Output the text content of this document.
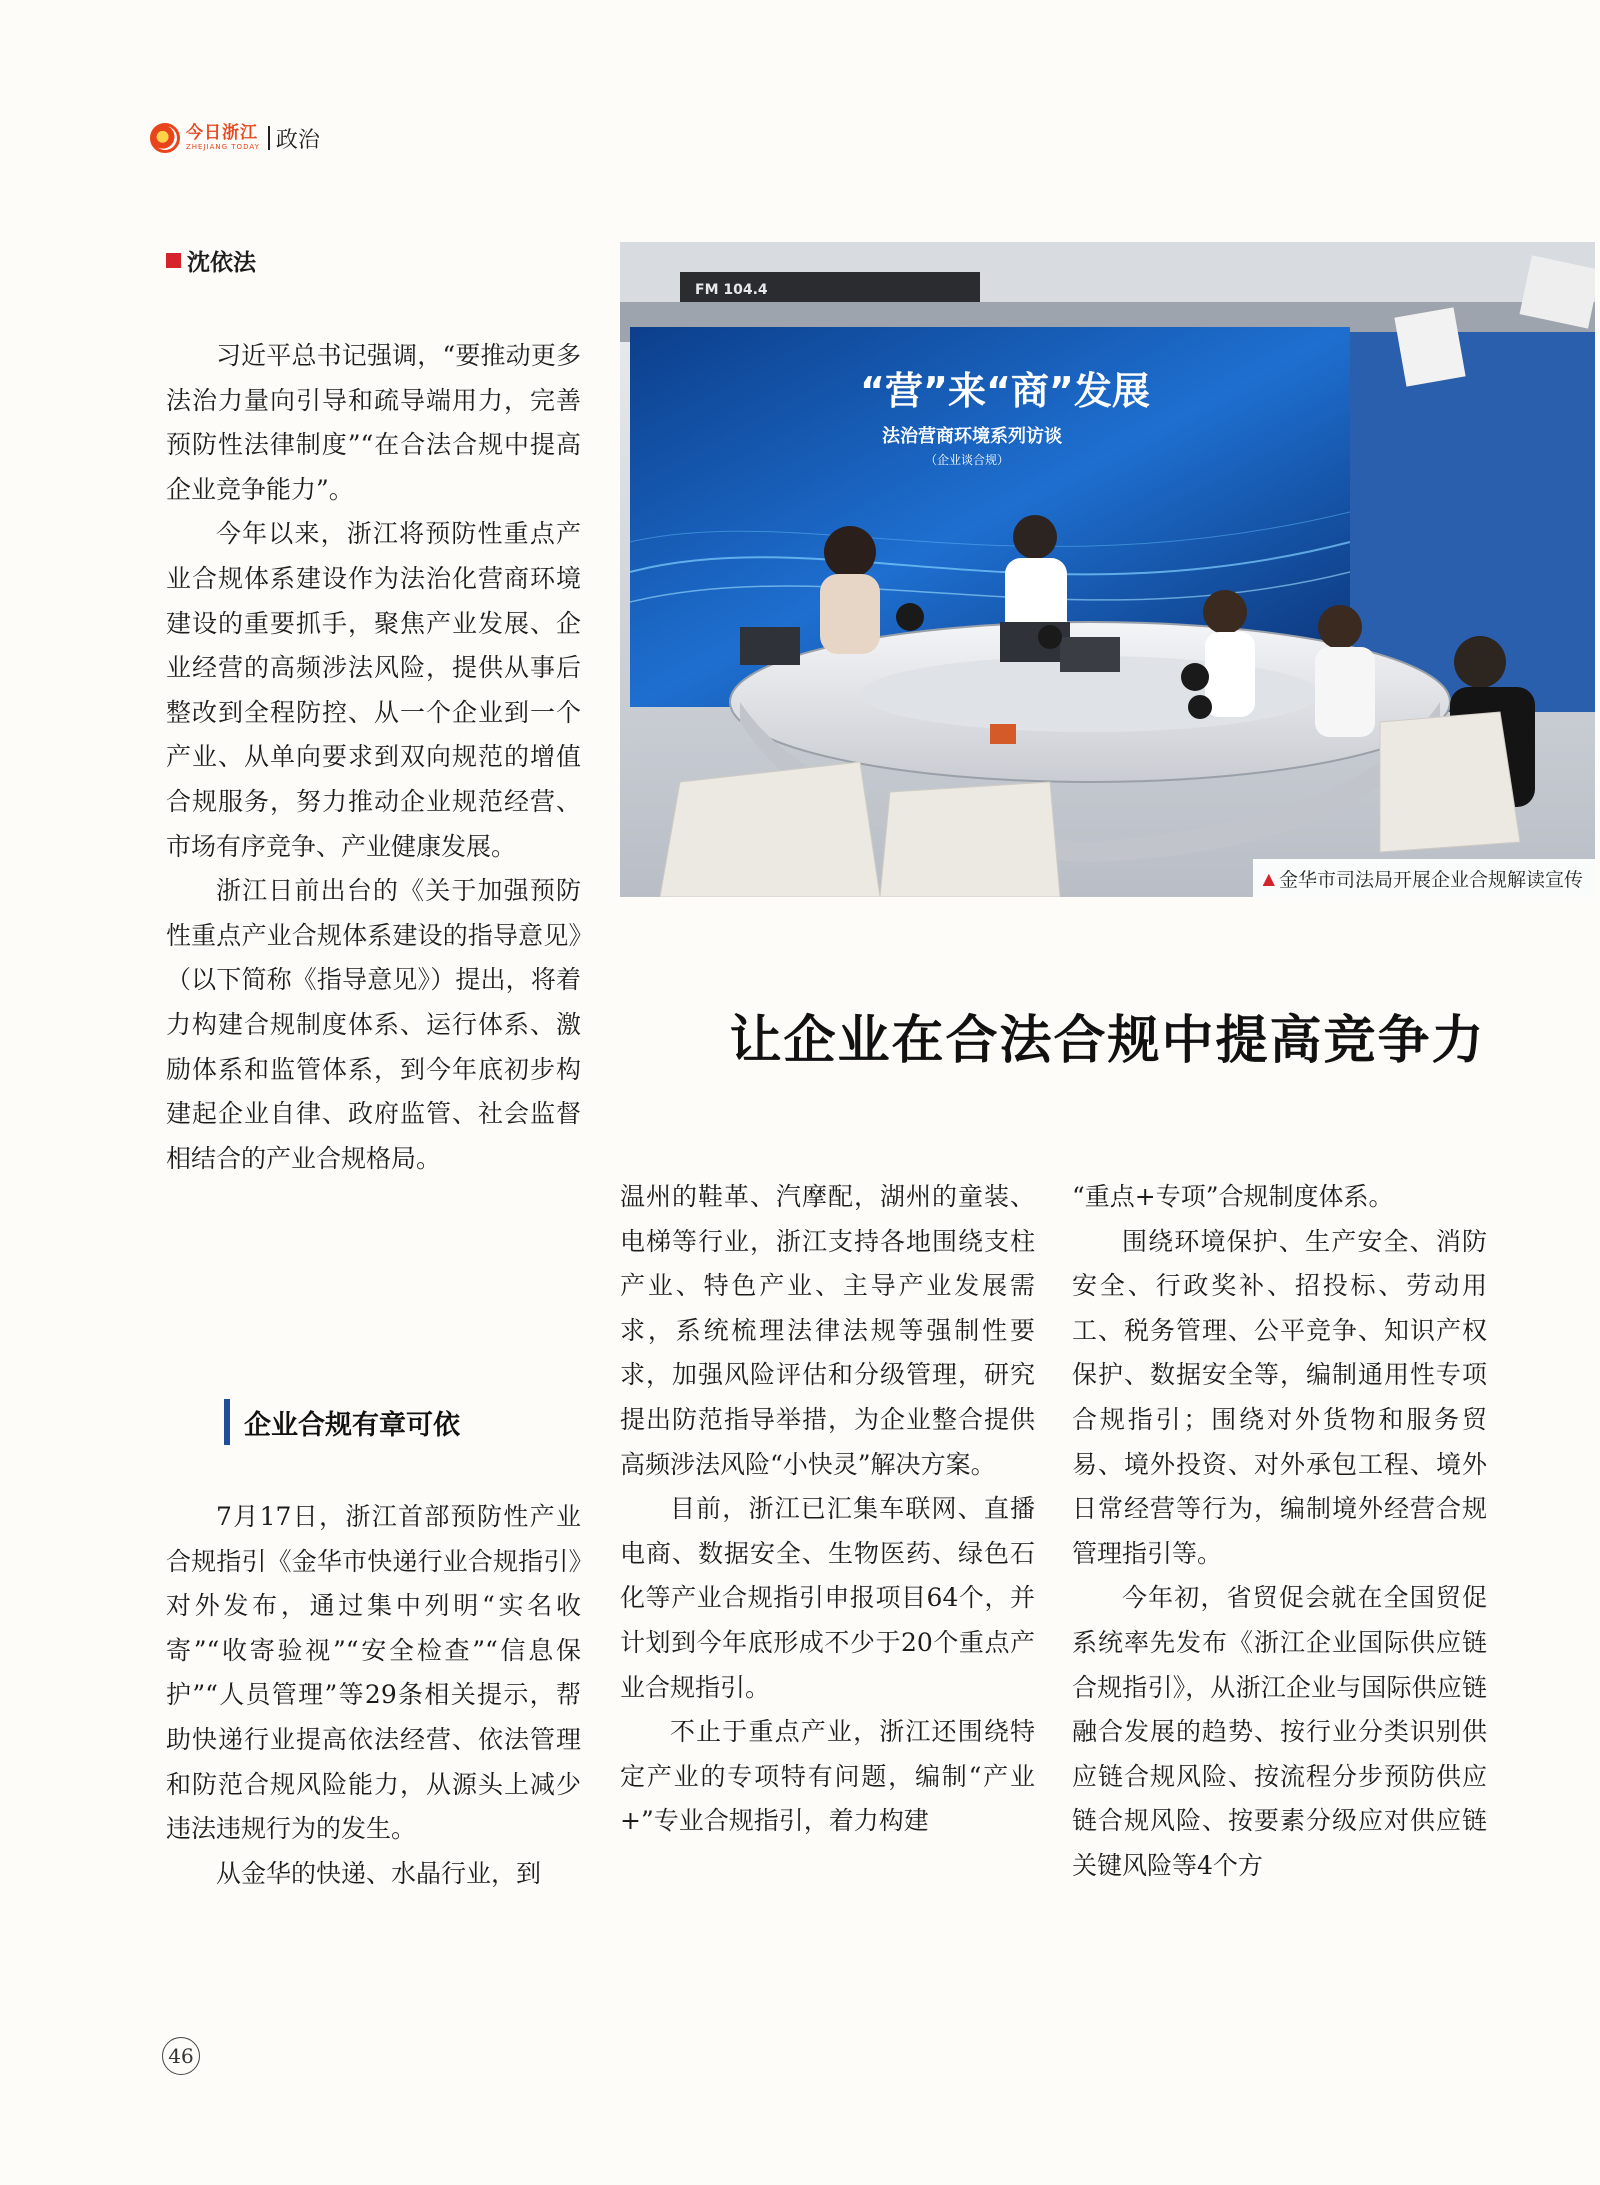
今日浙江
ZHEJIANG TODAY 政治
沈依法

习近平总书记强调，“要推动更多法治力量向引导和疏导端用力，完善预防性法律制度”“在合法合规中提高企业竞争能力”。

今年以来，浙江将预防性重点产业合规体系建设作为法治化营商环境建设的重要抓手，聚焦产业发展、企业经营的高频涉法风险，提供从事后整改到全程防控、从一个企业到一个产业、从单向要求到双向规范的增值合规服务，努力推动企业规范经营、市场有序竞争、产业健康发展。

浙江日前出台的《关于加强预防性重点产业合规体系建设的指导意见》（以下简称《指导意见》）提出，将着力构建合规制度体系、运行体系、激励体系和监管体系，到今年底初步构建起企业自律、政府监管、社会监督相结合的产业合规格局。

企业合规有章可依

7月17日，浙江首部预防性产业合规指引《金华市快递行业合规指引》对外发布，通过集中列明“实名收寄”“收寄验视”“安全检查”“信息保护”“人员管理”等29条相关提示，帮助快递行业提高依法经营、依法管理和防范合规风险能力，从源头上减少违法违规行为的发生。

从金华的快递、水晶行业，到

FM 104.4
“营”来“商”发展
法治营商环境系列访谈
（企业谈合规）
▲ 金华市司法局开展企业合规解读宣传
让企业在合法合规中提高竞争力

温州的鞋革、汽摩配，湖州的童装、电梯等行业，浙江支持各地围绕支柱产业、特色产业、主导产业发展需求，系统梳理法律法规等强制性要求，加强风险评估和分级管理，研究提出防范指导举措，为企业整合提供高频涉法风险“小快灵”解决方案。

目前，浙江已汇集车联网、直播电商、数据安全、生物医药、绿色石化等产业合规指引申报项目64个，并计划到今年底形成不少于20个重点产业合规指引。

不止于重点产业，浙江还围绕特定产业的专项特有问题，编制“产业+”专业合规指引，着力构建

“重点+专项”合规制度体系。

围绕环境保护、生产安全、消防安全、行政奖补、招投标、劳动用工、税务管理、公平竞争、知识产权保护、数据安全等，编制通用性专项合规指引；围绕对外货物和服务贸易、境外投资、对外承包工程、境外日常经营等行为，编制境外经营合规管理指引等。

今年初，省贸促会就在全国贸促系统率先发布《浙江企业国际供应链合规指引》，从浙江企业与国际供应链融合发展的趋势、按行业分类识别供应链合规风险、按流程分步预防供应链合规风险、按要素分级应对供应链关键风险等4个方

46
